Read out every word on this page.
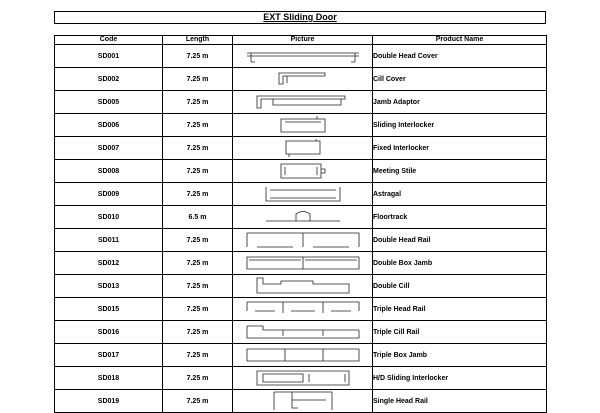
EXT Sliding Door
Code	Length	Picture	Product Name
SD001	7.25 m		Double Head Cover
SD002	7.25 m		Cill Cover
SD005	7.25 m		Jamb Adaptor
SD006	7.25 m		Sliding Interlocker
SD007	7.25 m		Fixed Interlocker
SD008	7.25 m		Meeting Stile
SD009	7.25 m		Astragal
SD010	6.5 m		Floortrack
SD011	7.25 m		Double Head Rail
SD012	7.25 m		Double Box Jamb
SD013	7.25 m		Double Cill
SD015	7.25 m		Triple Head Rail
SD016	7.25 m		Triple Cill Rail
SD017	7.25 m		Triple Box Jamb
SD018	7.25 m		H/D Sliding Interlocker
SD019	7.25 m		Single Head Rail
